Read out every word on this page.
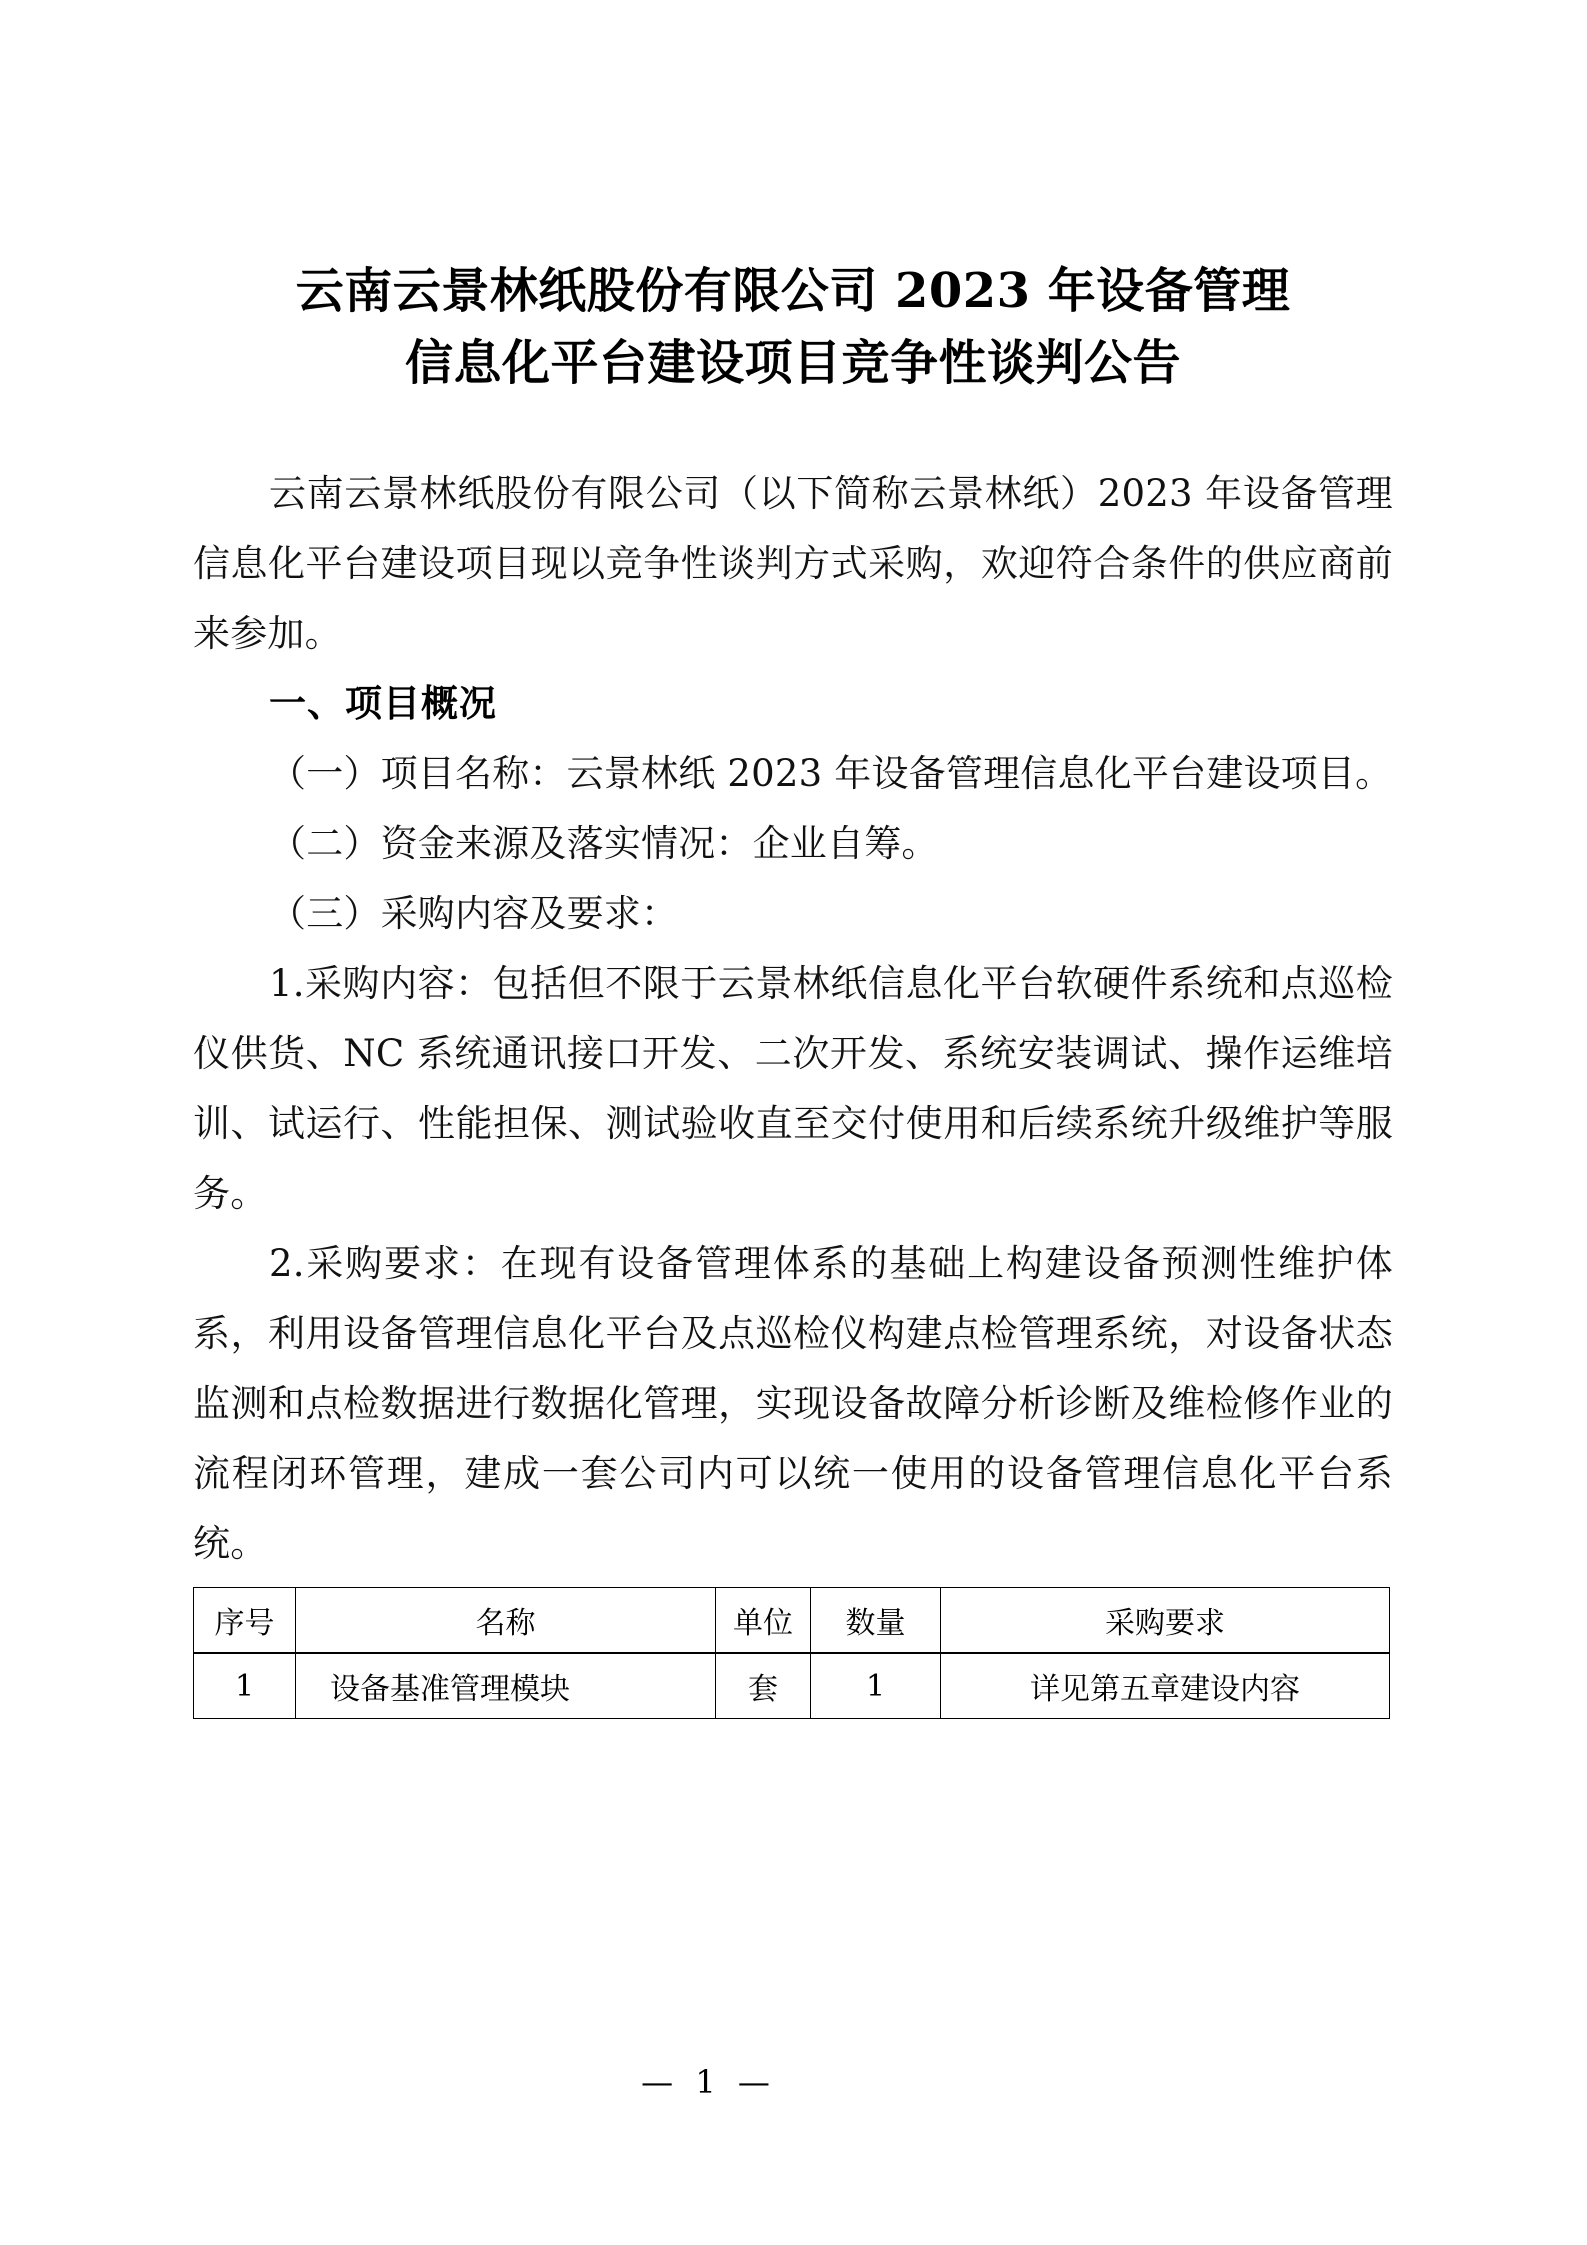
云南云景林纸股份有限公司 2023 年设备管理
信息化平台建设项目竞争性谈判公告

云南云景林纸股份有限公司（以下简称云景林纸）2023 年设备管理信息化平台建设项目现以竞争性谈判方式采购，欢迎符合条件的供应商前来参加。

一、项目概况

（一）项目名称：云景林纸 2023 年设备管理信息化平台建设项目。

（二）资金来源及落实情况：企业自筹。

（三）采购内容及要求：

1.采购内容：包括但不限于云景林纸信息化平台软硬件系统和点巡检仪供货、NC 系统通讯接口开发、二次开发、系统安装调试、操作运维培训、试运行、性能担保、测试验收直至交付使用和后续系统升级维护等服务。

2.采购要求：在现有设备管理体系的基础上构建设备预测性维护体系，利用设备管理信息化平台及点巡检仪构建点检管理系统，对设备状态监测和点检数据进行数据化管理，实现设备故障分析诊断及维检修作业的流程闭环管理，建成一套公司内可以统一使用的设备管理信息化平台系统。

序号	名称	单位	数量	采购要求
1	设备基准管理模块	套	1	详见第五章建设内容
— 1 —
